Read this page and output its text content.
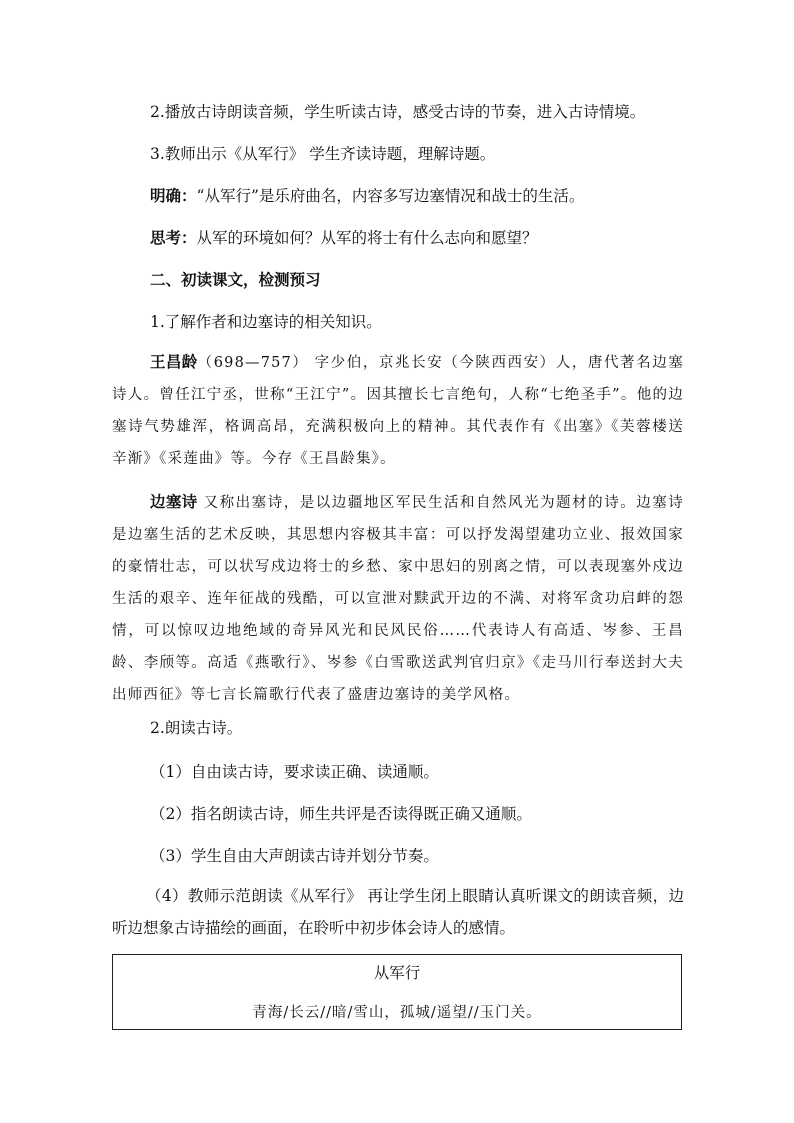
2.播放古诗朗读音频，学生听读古诗，感受古诗的节奏，进入古诗情境。
3.教师出示《从军行》 学生齐读诗题，理解诗题。
明确：“从军行”是乐府曲名，内容多写边塞情况和战士的生活。
思考：从军的环境如何？从军的将士有什么志向和愿望？
二、初读课文，检测预习
1.了解作者和边塞诗的相关知识。
王昌龄（698—757） 字少伯，京兆长安（今陕西西安）人，唐代著名边塞诗人。曾任江宁丞，世称“王江宁”。因其擅长七言绝句，人称“七绝圣手”。他的边塞诗气势雄浑，格调高昂，充满积极向上的精神。其代表作有《出塞》《芙蓉楼送辛渐》《采莲曲》等。今存《王昌龄集》。
边塞诗 又称出塞诗，是以边疆地区军民生活和自然风光为题材的诗。边塞诗是边塞生活的艺术反映，其思想内容极其丰富：可以抒发渴望建功立业、报效国家的豪情壮志，可以状写戍边将士的乡愁、家中思妇的别离之情，可以表现塞外戍边生活的艰辛、连年征战的残酷，可以宣泄对黩武开边的不满、对将军贪功启衅的怨情，可以惊叹边地绝域的奇异风光和民风民俗……代表诗人有高适、岑参、王昌龄、李颀等。高适《燕歌行》、岑参《白雪歌送武判官归京》《走马川行奉送封大夫出师西征》等七言长篇歌行代表了盛唐边塞诗的美学风格。
2.朗读古诗。
（1）自由读古诗，要求读正确、读通顺。
（2）指名朗读古诗，师生共评是否读得既正确又通顺。
（3）学生自由大声朗读古诗并划分节奏。
（4）教师示范朗读《从军行》 再让学生闭上眼睛认真听课文的朗读音频，边听边想象古诗描绘的画面，在聆听中初步体会诗人的感情。
从军行
青海/长云//暗/雪山，孤城/遥望//玉门关。
